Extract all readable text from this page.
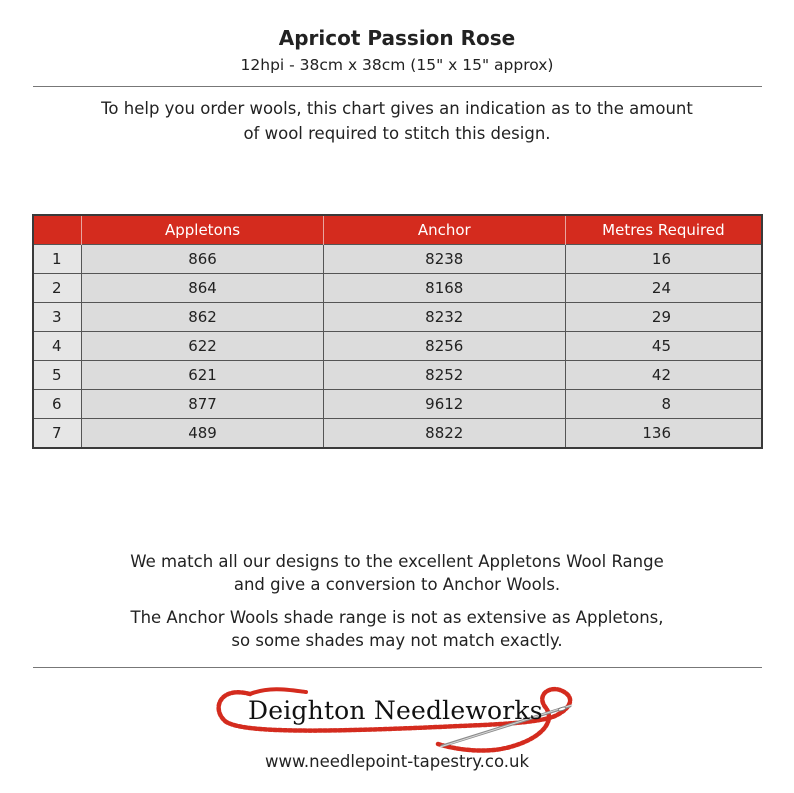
Apricot Passion Rose
12hpi - 38cm x 38cm (15" x 15" approx)
To help you order wools, this chart gives an indication as to the amount
of wool required to stitch this design.
	Appletons	Anchor	Metres Required
1	866	8238	16
2	864	8168	24
3	862	8232	29
4	622	8256	45
5	621	8252	42
6	877	9612	8
7	489	8822	136
We match all our designs to the excellent Appletons Wool Range
and give a conversion to Anchor Wools.
The Anchor Wools shade range is not as extensive as Appletons,
so some shades may not match exactly.
Deighton Needleworks
www.needlepoint-tapestry.co.uk
